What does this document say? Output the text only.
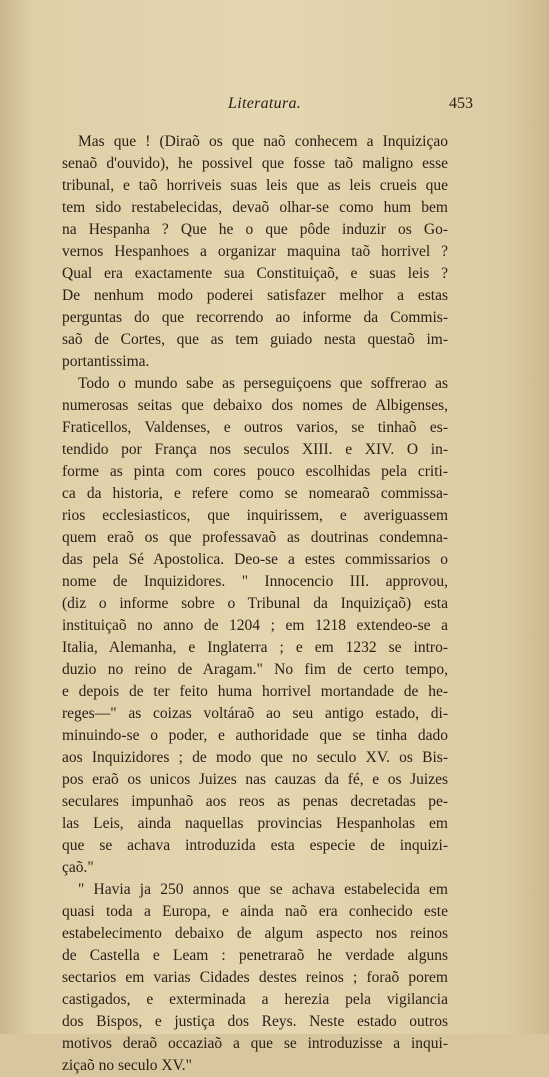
Literatura.	453
Mas que ! (Diraõ os que naõ conhecem a Inquiziçao
senaõ d'ouvido), he possivel que fosse taõ maligno esse
tribunal, e taõ horriveis suas leis que as leis crueis que
tem sido restabelecidas, devaõ olhar-se como hum bem
na Hespanha ? Que he o que pôde induzir os Go-
vernos Hespanhoes a organizar maquina taõ horrivel ?
Qual era exactamente sua Constituiçaõ, e suas leis ?
De nenhum modo poderei satisfazer melhor a estas
perguntas do que recorrendo ao informe da Commis-
saõ de Cortes, que as tem guiado nesta questaõ im-
portantissima.
Todo o mundo sabe as perseguiçoens que soffrerao as
numerosas seitas que debaixo dos nomes de Albigenses,
Fraticellos, Valdenses, e outros varios, se tinhaõ es-
tendido por França nos seculos XIII. e XIV. O in-
forme as pinta com cores pouco escolhidas pela criti-
ca da historia, e refere como se nomearaõ commissa-
rios ecclesiasticos, que inquirissem, e averiguassem
quem eraõ os que professavaõ as doutrinas condemna-
das pela Sé Apostolica. Deo-se a estes commissarios o
nome de Inquizidores. " Innocencio III. approvou,
(diz o informe sobre o Tribunal da Inquiziçaõ) esta
instituiçaõ no anno de 1204 ; em 1218 extendeo-se a
Italia, Alemanha, e Inglaterra ; e em 1232 se intro-
duzio no reino de Aragam." No fim de certo tempo,
e depois de ter feito huma horrivel mortandade de he-
reges—" as coizas voltáraõ ao seu antigo estado, di-
minuindo-se o poder, e authoridade que se tinha dado
aos Inquizidores ; de modo que no seculo XV. os Bis-
pos eraõ os unicos Juizes nas cauzas da fé, e os Juizes
seculares impunhaõ aos reos as penas decretadas pe-
las Leis, ainda naquellas provincias Hespanholas em
que se achava introduzida esta especie de inquizi-
çaõ."
" Havia ja 250 annos que se achava estabelecida em
quasi toda a Europa, e ainda naõ era conhecido este
estabelecimento debaixo de algum aspecto nos reinos
de Castella e Leam : penetraraõ he verdade alguns
sectarios em varias Cidades destes reinos ; foraõ porem
castigados, e exterminada a herezia pela vigilancia
dos Bispos, e justiça dos Reys. Neste estado outros
motivos deraõ occaziaõ a que se introduzisse a inqui-
ziçaõ no seculo XV."
